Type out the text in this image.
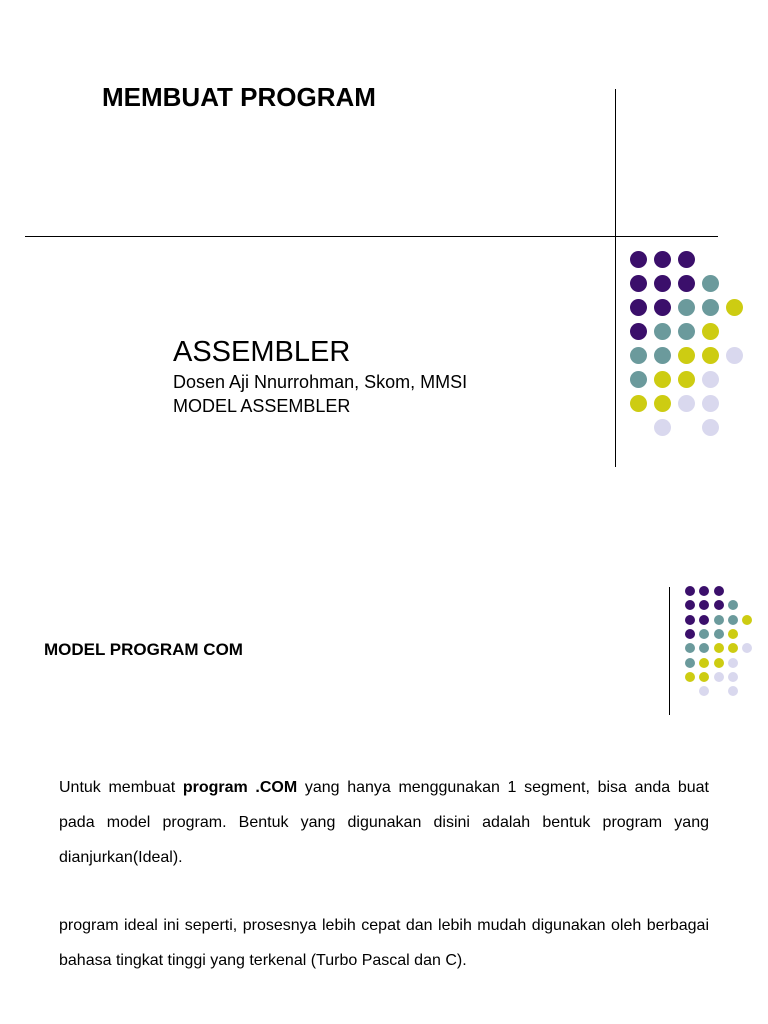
MEMBUAT PROGRAM
ASSEMBLER
Dosen Aji Nnurrohman, Skom, MMSI
MODEL ASSEMBLER
MODEL PROGRAM COM
Untuk membuat program .COM yang hanya menggunakan 1 segment, bisa anda buat pada model program. Bentuk yang digunakan disini adalah bentuk program yang dianjurkan(Ideal).
program ideal ini seperti, prosesnya lebih cepat dan lebih mudah digunakan oleh berbagai bahasa tingkat tinggi yang terkenal (Turbo Pascal dan C).
